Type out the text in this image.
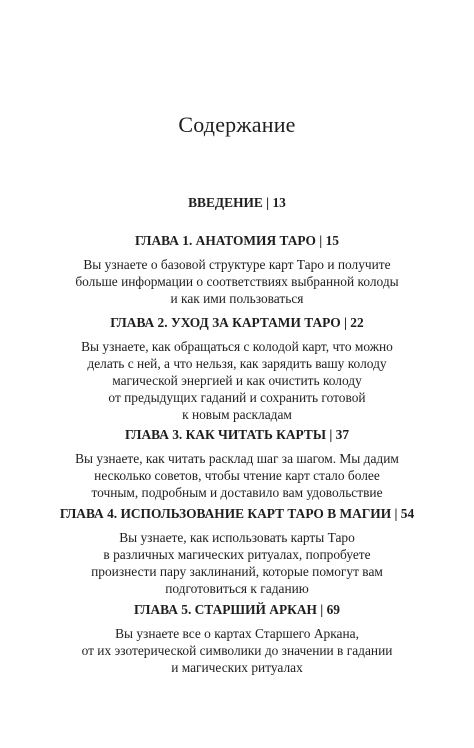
Содержание
ВВЕДЕНИЕ | 13

ГЛАВА 1. АНАТОМИЯ ТАРО | 15

Вы узнаете о базовой структуре карт Таро и получите
больше информации о соответствиях выбранной колоды
и как ими пользоваться

ГЛАВА 2. УХОД ЗА КАРТАМИ ТАРО | 22

Вы узнаете, как обращаться с колодой карт, что можно
делать с ней, а что нельзя, как зарядить вашу колоду
магической энергией и как очистить колоду
от предыдущих гаданий и сохранить готовой
к новым раскладам

ГЛАВА 3. КАК ЧИТАТЬ КАРТЫ | 37

Вы узнаете, как читать расклад шаг за шагом. Мы дадим
несколько советов, чтобы чтение карт стало более
точным, подробным и доставило вам удовольствие

ГЛАВА 4. ИСПОЛЬЗОВАНИЕ КАРТ ТАРО В МАГИИ | 54

Вы узнаете, как использовать карты Таро
в различных магических ритуалах, попробуете
произнести пару заклинаний, которые помогут вам
подготовиться к гаданию

ГЛАВА 5. СТАРШИЙ АРКАН | 69

Вы узнаете все о картах Старшего Аркана,
от их эзотерической символики до значении в гадании
и магических ритуалах
